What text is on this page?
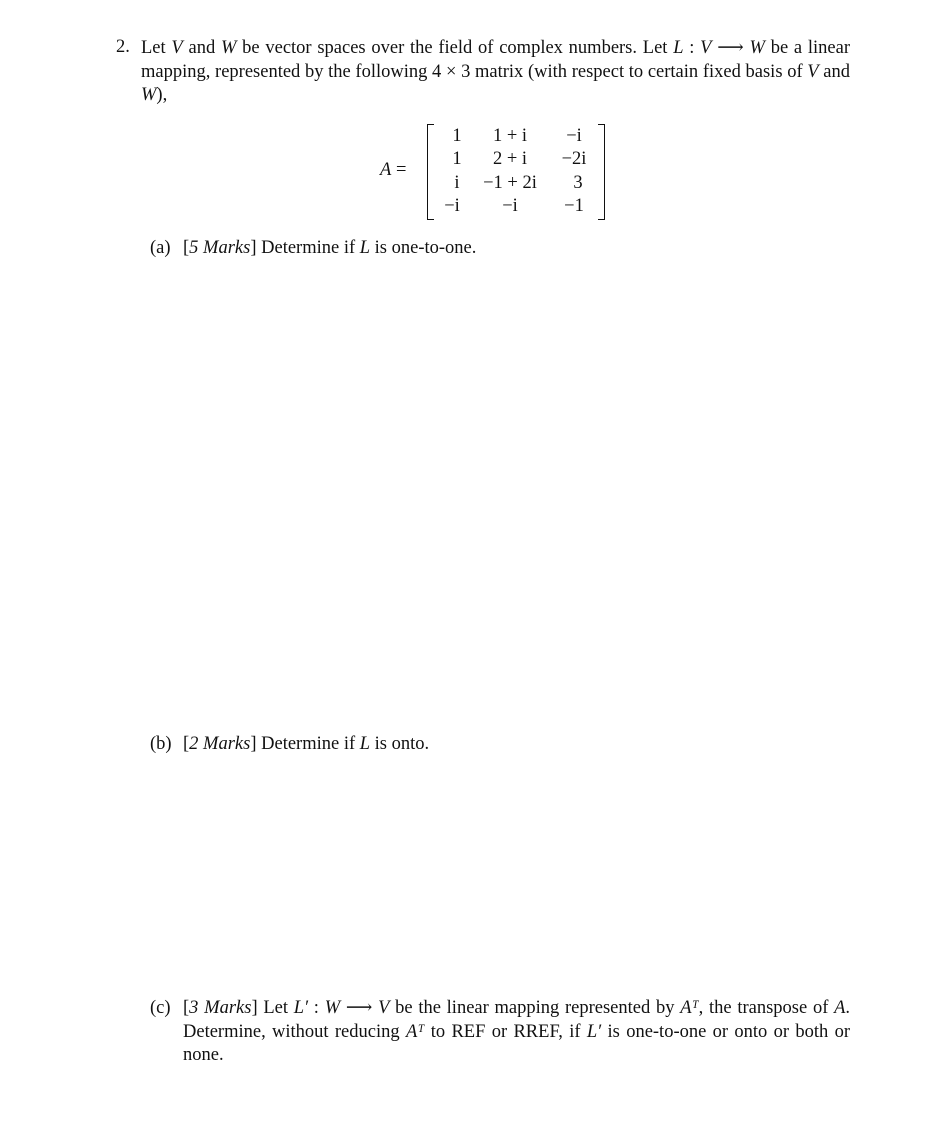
2. Let V and W be vector spaces over the field of complex numbers. Let L : V ⟶ W be a linear mapping, represented by the following 4 × 3 matrix (with respect to certain fixed basis of V and W),
A =
1 1 + i −i
1 2 + i −2i
i −1 + 2i 3
−i −i	−1
(a) [5 Marks] Determine if L is one-to-one.
(b) [2 Marks] Determine if L is onto.
(c) [3 Marks] Let L′ : W ⟶ V be the linear mapping represented by Aᵀ, the transpose of A. Determine, without reducing Aᵀ to REF or RREF, if L′ is one-to-one or onto or both or none.
